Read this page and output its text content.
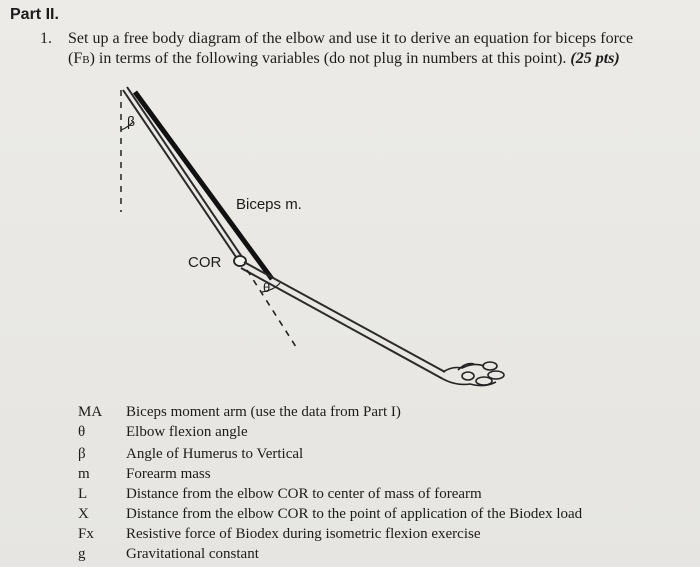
Part II.
1. Set up a free body diagram of the elbow and use it to derive an equation for biceps force
(FB) in terms of the following variables (do not plug in numbers at this point). (25 pts)
β
Biceps m.
COR
θ
MA Biceps moment arm (use the data from Part I)
θ	Elbow flexion angle
β	Angle of Humerus to Vertical
m Forearm mass
L	Distance from the elbow COR to center of mass of forearm
X Distance from the elbow COR to the point of application of the Biodex load
Fx Resistive force of Biodex during isometric flexion exercise
g	Gravitational constant
